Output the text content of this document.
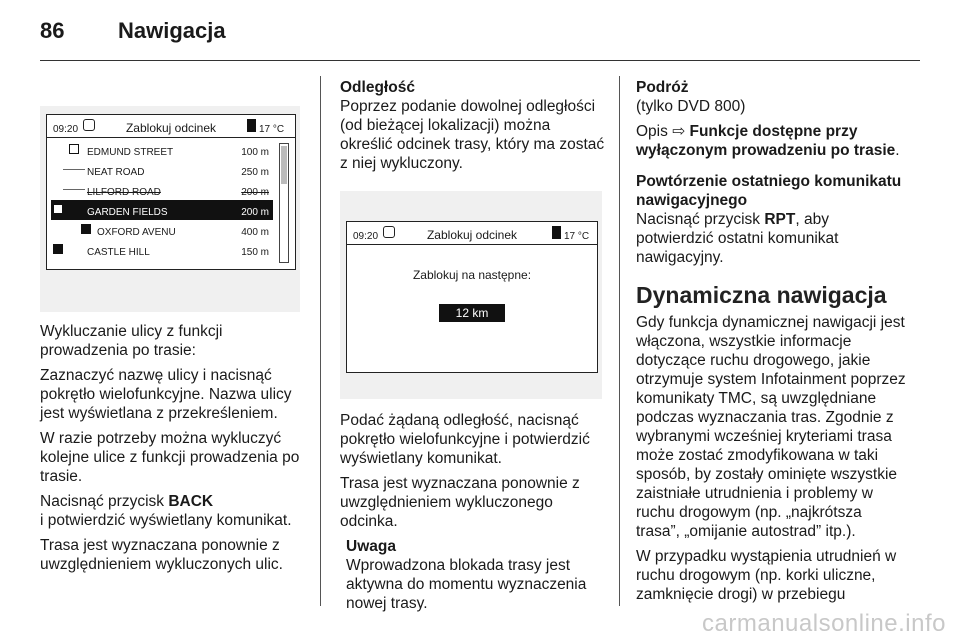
86 Nawigacja
09:20	Zablokuj odcinek	17 °C
EDMUND STREET	100 m
NEAT ROAD	250 m
LILFORD ROAD	200 m
GARDEN FIELDS	200 m
OXFORD AVENU	400 m
CASTLE HILL	150 m

Wykluczanie ulicy z funkcji prowadzenia po trasie:

Zaznaczyć nazwę ulicy i nacisnąć pokrętło wielofunkcyjne. Nazwa ulicy jest wyświetlana z przekreśleniem.

W razie potrzeby można wykluczyć kolejne ulice z funkcji prowadzenia po trasie.

Nacisnąć przycisk BACK
i potwierdzić wyświetlany komunikat.

Trasa jest wyznaczana ponownie z uwzględnieniem wykluczonych ulic.

Odległość

Poprzez podanie dowolnej odległości (od bieżącej lokalizacji) można określić odcinek trasy, który ma zostać z niej wykluczony.

09:20	Zablokuj odcinek	17 °C
Zablokuj na następne:
12 km

Podać żądaną odległość, nacisnąć pokrętło wielofunkcyjne i potwierdzić wyświetlany komunikat.

Trasa jest wyznaczana ponownie z uwzględnieniem wykluczonego odcinka.

Uwaga
Wprowadzona blokada trasy jest aktywna do momentu wyznaczenia nowej trasy.

Podróż

(tylko DVD 800)

Opis ⇨ Funkcje dostępne przy wyłączonym prowadzeniu po trasie.

Powtórzenie ostatniego komunikatu nawigacyjnego

Nacisnąć przycisk RPT, aby potwierdzić ostatni komunikat nawigacyjny.

Dynamiczna nawigacja

Gdy funkcja dynamicznej nawigacji jest włączona, wszystkie informacje dotyczące ruchu drogowego, jakie otrzymuje system Infotainment poprzez komunikaty TMC, są uwzględniane podczas wyznaczania tras. Zgodnie z wybranymi wcześniej kryteriami trasa może zostać zmodyfikowana w taki sposób, by zostały ominięte wszystkie zaistniałe utrudnienia i problemy w ruchu drogowym (np. „najkrótsza trasa”, „omijanie autostrad” itp.).

W przypadku wystąpienia utrudnień w ruchu drogowym (np. korki uliczne, zamknięcie drogi) w przebiegu

carmanualsonline.info
